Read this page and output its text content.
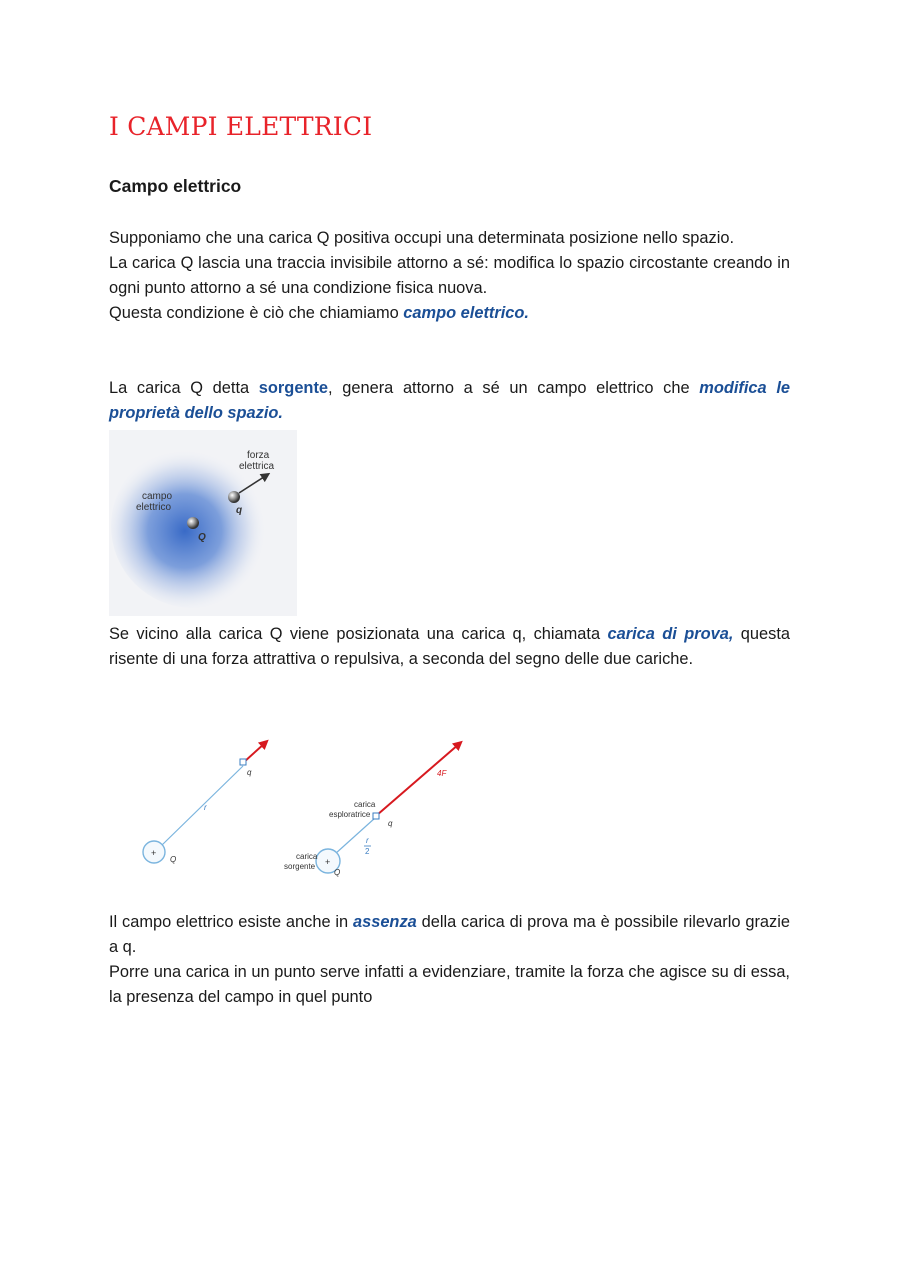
I CAMPI ELETTRICI
Campo elettrico

Supponiamo che una carica Q positiva occupi una determinata posizione nello spazio.
La carica Q lascia una traccia invisibile attorno a sé: modifica lo spazio circostante creando in ogni punto attorno a sé una condizione fisica nuova.
Questa condizione è ciò che chiamiamo campo elettrico.

La carica Q detta sorgente, genera attorno a sé un campo elettrico che modifica le proprietà dello spazio.

forza
elettrica
campo
elettrico	q
Q

Se vicino alla carica Q viene posizionata una carica q, chiamata carica di prova, questa risente di una forza attrattiva o repulsiva, a seconda del segno delle due cariche.

+
q
r
Q	+
4F
carica
esploratrice
q
r
2
carica
sorgente
Q

Il campo elettrico esiste anche in assenza della carica di prova ma è possibile rilevarlo grazie a q.
Porre una carica in un punto serve infatti a evidenziare, tramite la forza che agisce su di essa, la presenza del campo in quel punto
